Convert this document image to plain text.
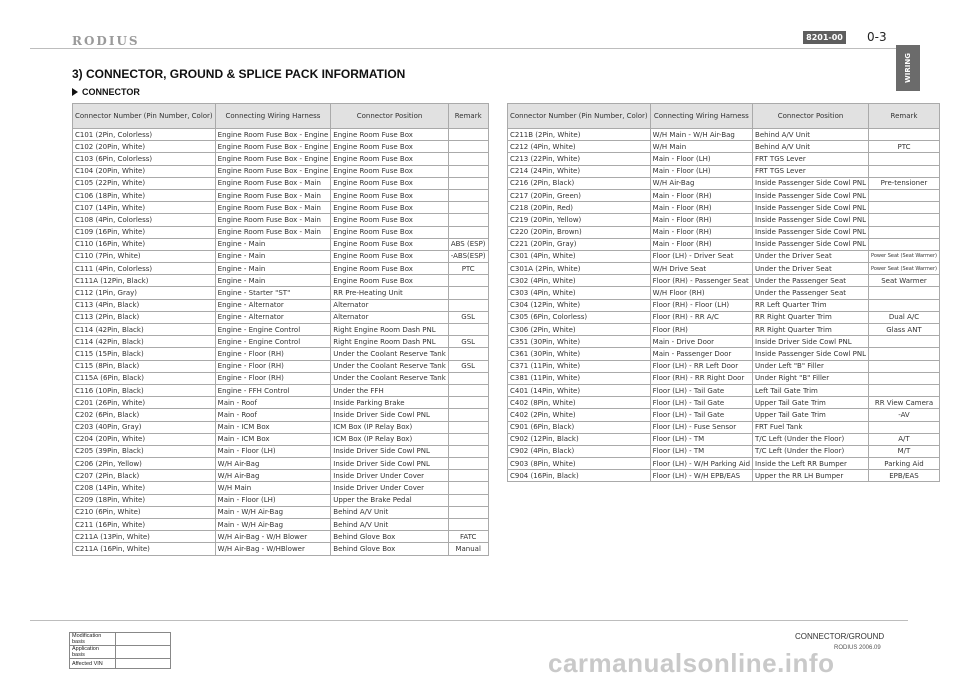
RODIUS	8201-00 0-3
WIRING
3) CONNECTOR, GROUND & SPLICE PACK INFORMATION
CONNECTOR
Connector Number (Pin Number, Color)	Connecting Wiring Harness	Connector Position	Remark
C101 (2Pin, Colorless)	Engine Room Fuse Box - Engine	Engine Room Fuse Box	
C102 (20Pin, White)	Engine Room Fuse Box - Engine	Engine Room Fuse Box	
C103 (6Pin, Colorless)	Engine Room Fuse Box - Engine	Engine Room Fuse Box	
C104 (20Pin, White)	Engine Room Fuse Box - Engine	Engine Room Fuse Box	
C105 (22Pin, White)	Engine Room Fuse Box - Main	Engine Room Fuse Box	
C106 (18Pin, White)	Engine Room Fuse Box - Main	Engine Room Fuse Box	
C107 (14Pin, White)	Engine Room Fuse Box - Main	Engine Room Fuse Box	
C108 (4Pin, Colorless)	Engine Room Fuse Box - Main	Engine Room Fuse Box	
C109 (16Pin, White)	Engine Room Fuse Box - Main	Engine Room Fuse Box	
C110 (16Pin, White)	Engine - Main	Engine Room Fuse Box	ABS (ESP)
C110 (7Pin, White)	Engine - Main	Engine Room Fuse Box	-ABS(ESP)
C111 (4Pin, Colorless)	Engine - Main	Engine Room Fuse Box	PTC
C111A (12Pin, Black)	Engine - Main	Engine Room Fuse Box	
C112 (1Pin, Gray)	Engine - Starter "ST"	RR Pre-Heating Unit	
C113 (4Pin, Black)	Engine - Alternator	Alternator	
C113 (2Pin, Black)	Engine - Alternator	Alternator	GSL
C114 (42Pin, Black)	Engine - Engine Control	Right Engine Room Dash PNL	
C114 (42Pin, Black)	Engine - Engine Control	Right Engine Room Dash PNL	GSL
C115 (15Pin, Black)	Engine - Floor (RH)	Under the Coolant Reserve Tank	
C115 (8Pin, Black)	Engine - Floor (RH)	Under the Coolant Reserve Tank	GSL
C115A (6Pin, Black)	Engine - Floor (RH)	Under the Coolant Reserve Tank	
C116 (10Pin, Black)	Engine - FFH Control	Under the FFH	
C201 (26Pin, White)	Main - Roof	Inside Parking Brake	
C202 (6Pin, Black)	Main - Roof	Inside Driver Side Cowl PNL	
C203 (40Pin, Gray)	Main - ICM Box	ICM Box (IP Relay Box)	
C204 (20Pin, White)	Main - ICM Box	ICM Box (IP Relay Box)	
C205 (39Pin, Black)	Main - Floor (LH)	Inside Driver Side Cowl PNL	
C206 (2Pin, Yellow)	W/H Air-Bag	Inside Driver Side Cowl PNL	
C207 (2Pin, Black)	W/H Air-Bag	Inside Driver Under Cover	
C208 (14Pin, White)	W/H Main	Inside Driver Under Cover	
C209 (18Pin, White)	Main - Floor (LH)	Upper the Brake Pedal	
C210 (6Pin, White)	Main - W/H Air-Bag	Behind A/V Unit	
C211 (16Pin, White)	Main - W/H Air-Bag	Behind A/V Unit	
C211A (13Pin, White)	W/H Air-Bag - W/H Blower	Behind Glove Box	FATC
C211A (16Pin, White)	W/H Air-Bag - W/HBlower	Behind Glove Box	Manual
Connector Number (Pin Number, Color)	Connecting Wiring Harness	Connector Position	Remark
C211B (2Pin, White)	W/H Main - W/H Air-Bag	Behind A/V Unit	
C212 (4Pin, White)	W/H Main	Behind A/V Unit	PTC
C213 (22Pin, White)	Main - Floor (LH)	FRT TGS Lever	
C214 (24Pin, White)	Main - Floor (LH)	FRT TGS Lever	
C216 (2Pin, Black)	W/H Air-Bag	Inside Passenger Side Cowl PNL	Pre-tensioner
C217 (20Pin, Green)	Main - Floor (RH)	Inside Passenger Side Cowl PNL	
C218 (20Pin, Red)	Main - Floor (RH)	Inside Passenger Side Cowl PNL	
C219 (20Pin, Yellow)	Main - Floor (RH)	Inside Passenger Side Cowl PNL	
C220 (20Pin, Brown)	Main - Floor (RH)	Inside Passenger Side Cowl PNL	
C221 (20Pin, Gray)	Main - Floor (RH)	Inside Passenger Side Cowl PNL	
C301 (4Pin, White)	Floor (LH) - Driver Seat	Under the Driver Seat	Power Seat (Seat Warmer)
C301A (2Pin, White)	W/H Drive Seat	Under the Driver Seat	Power Seat (Seat Warmer)
C302 (4Pin, White)	Floor (RH) - Passenger Seat	Under the Passenger Seat	Seat Warmer
C303 (4Pin, White)	W/H Floor (RH)	Under the Passenger Seat	
C304 (12Pin, White)	Floor (RH) - Floor (LH)	RR Left Quarter Trim	
C305 (6Pin, Colorless)	Floor (RH) - RR A/C	RR Right Quarter Trim	Dual A/C
C306 (2Pin, White)	Floor (RH)	RR Right Quarter Trim	Glass ANT
C351 (30Pin, White)	Main - Drive Door	Inside Driver Side Cowl PNL	
C361 (30Pin, White)	Main - Passenger Door	Inside Passenger Side Cowl PNL	
C371 (11Pin, White)	Floor (LH) - RR Left Door	Under Left "B" Filler	
C381 (11Pin, White)	Floor (RH) - RR Right Door	Under Right "B" Filler	
C401 (14Pin, White)	Floor (LH) - Tail Gate	Left Tail Gate Trim	
C402 (8Pin, White)	Floor (LH) - Tail Gate	Upper Tail Gate Trim	RR View Camera
C402 (2Pin, White)	Floor (LH) - Tail Gate	Upper Tail Gate Trim	-AV
C901 (6Pin, Black)	Floor (LH) - Fuse Sensor	FRT Fuel Tank	
C902 (12Pin, Black)	Floor (LH) - TM	T/C Left (Under the Floor)	A/T
C902 (4Pin, Black)	Floor (LH) - TM	T/C Left (Under the Floor)	M/T
C903 (8Pin, White)	Floor (LH) - W/H Parking Aid	Inside the Left RR Bumper	Parking Aid
C904 (16Pin, Black)	Floor (LH) - W/H EPB/EAS	Upper the RR LH Bumper	EPB/EAS
Modification basis	
Application basis	
Affected VIN		carmanualsonline.info
CONNECTOR/GROUND
RODIUS 2006.09
